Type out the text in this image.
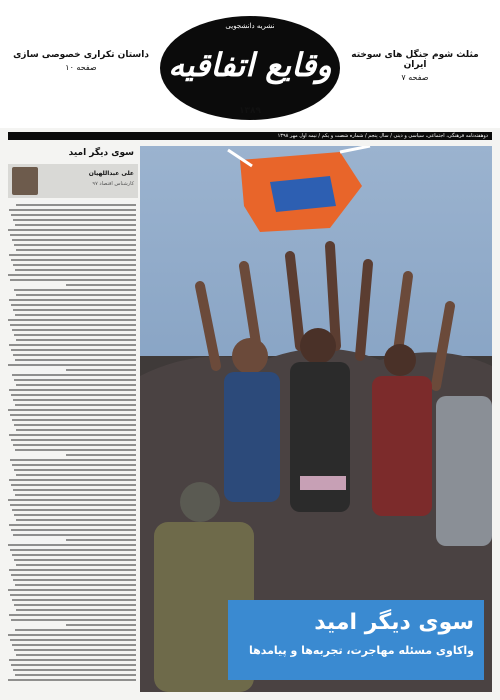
مثلث شوم جنگل های سوخته ایران
صفحه ۷
نشریه دانشجویی
وقایع اتفاقیه
۱۳۸۹
داستان تکراری خصوصی سازی
صفحه ۱۰
دوهفته‌نامه فرهنگی، اجتماعی، سیاسی و دینی / سال پنجم / شماره شصت و یکم / نیمه اول مهر ۱۳۹۸
سوی دیگر امید
علی عبداللهیان
کارشناس اقتصاد ۹۷
سوی دیگر امید
واکاوی مسئله مهاجرت، تجربه‌ها و پیامدها
